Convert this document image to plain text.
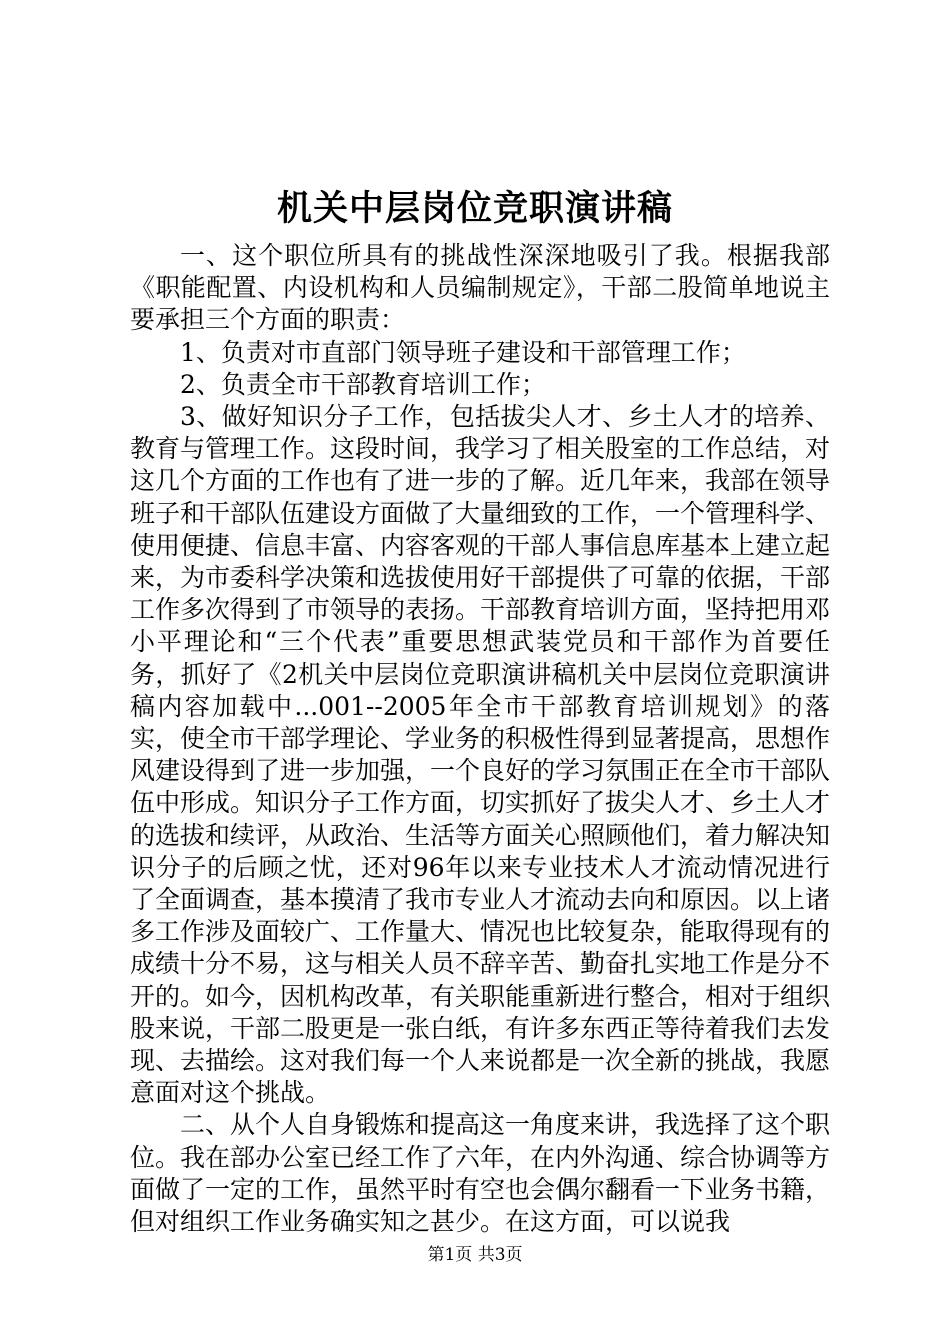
机关中层岗位竞职演讲稿

一、这个职位所具有的挑战性深深地吸引了我。根据我部《职能配置、内设机构和人员编制规定》，干部二股简单地说主要承担三个方面的职责：

1、负责对市直部门领导班子建设和干部管理工作；

2、负责全市干部教育培训工作；

3、做好知识分子工作，包括拔尖人才、乡土人才的培养、教育与管理工作。这段时间，我学习了相关股室的工作总结，对这几个方面的工作也有了进一步的了解。近几年来，我部在领导班子和干部队伍建设方面做了大量细致的工作，一个管理科学、使用便捷、信息丰富、内容客观的干部人事信息库基本上建立起来，为市委科学决策和选拔使用好干部提供了可靠的依据，干部工作多次得到了市领导的表扬。干部教育培训方面，坚持把用邓小平理论和“三个代表”重要思想武装党员和干部作为首要任务，抓好了《2机关中层岗位竞职演讲稿机关中层岗位竞职演讲稿内容加载中...001--2005年全市干部教育培训规划》的落实，使全市干部学理论、学业务的积极性得到显著提高，思想作风建设得到了进一步加强，一个良好的学习氛围正在全市干部队伍中形成。知识分子工作方面，切实抓好了拔尖人才、乡土人才的选拔和续评，从政治、生活等方面关心照顾他们，着力解决知识分子的后顾之忧，还对96年以来专业技术人才流动情况进行了全面调查，基本摸清了我市专业人才流动去向和原因。以上诸多工作涉及面较广、工作量大、情况也比较复杂，能取得现有的成绩十分不易，这与相关人员不辞辛苦、勤奋扎实地工作是分不开的。如今，因机构改革，有关职能重新进行整合，相对于组织股来说，干部二股更是一张白纸，有许多东西正等待着我们去发现、去描绘。这对我们每一个人来说都是一次全新的挑战，我愿意面对这个挑战。

二、从个人自身锻炼和提高这一角度来讲，我选择了这个职位。我在部办公室已经工作了六年，在内外沟通、综合协调等方面做了一定的工作，虽然平时有空也会偶尔翻看一下业务书籍，但对组织工作业务确实知之甚少。在这方面，可以说我

第1页 共3页
